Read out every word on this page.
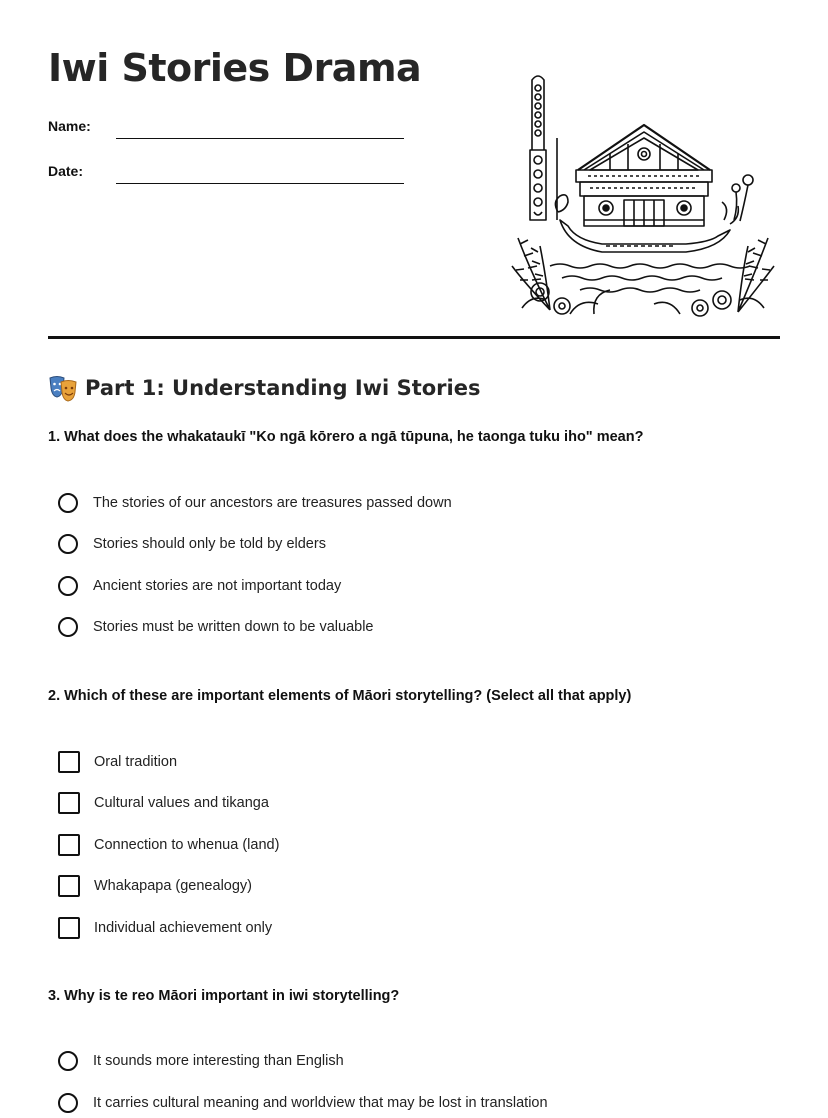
Iwi Stories Drama
Name:
Date:
Part 1: Understanding Iwi Stories
1. What does the whakataukī "Ko ngā kōrero a ngā tūpuna, he taonga tuku iho" mean?
The stories of our ancestors are treasures passed down
Stories should only be told by elders
Ancient stories are not important today
Stories must be written down to be valuable
2. Which of these are important elements of Māori storytelling? (Select all that apply)
Oral tradition
Cultural values and tikanga
Connection to whenua (land)
Whakapapa (genealogy)
Individual achievement only
3. Why is te reo Māori important in iwi storytelling?
It sounds more interesting than English
It carries cultural meaning and worldview that may be lost in translation
